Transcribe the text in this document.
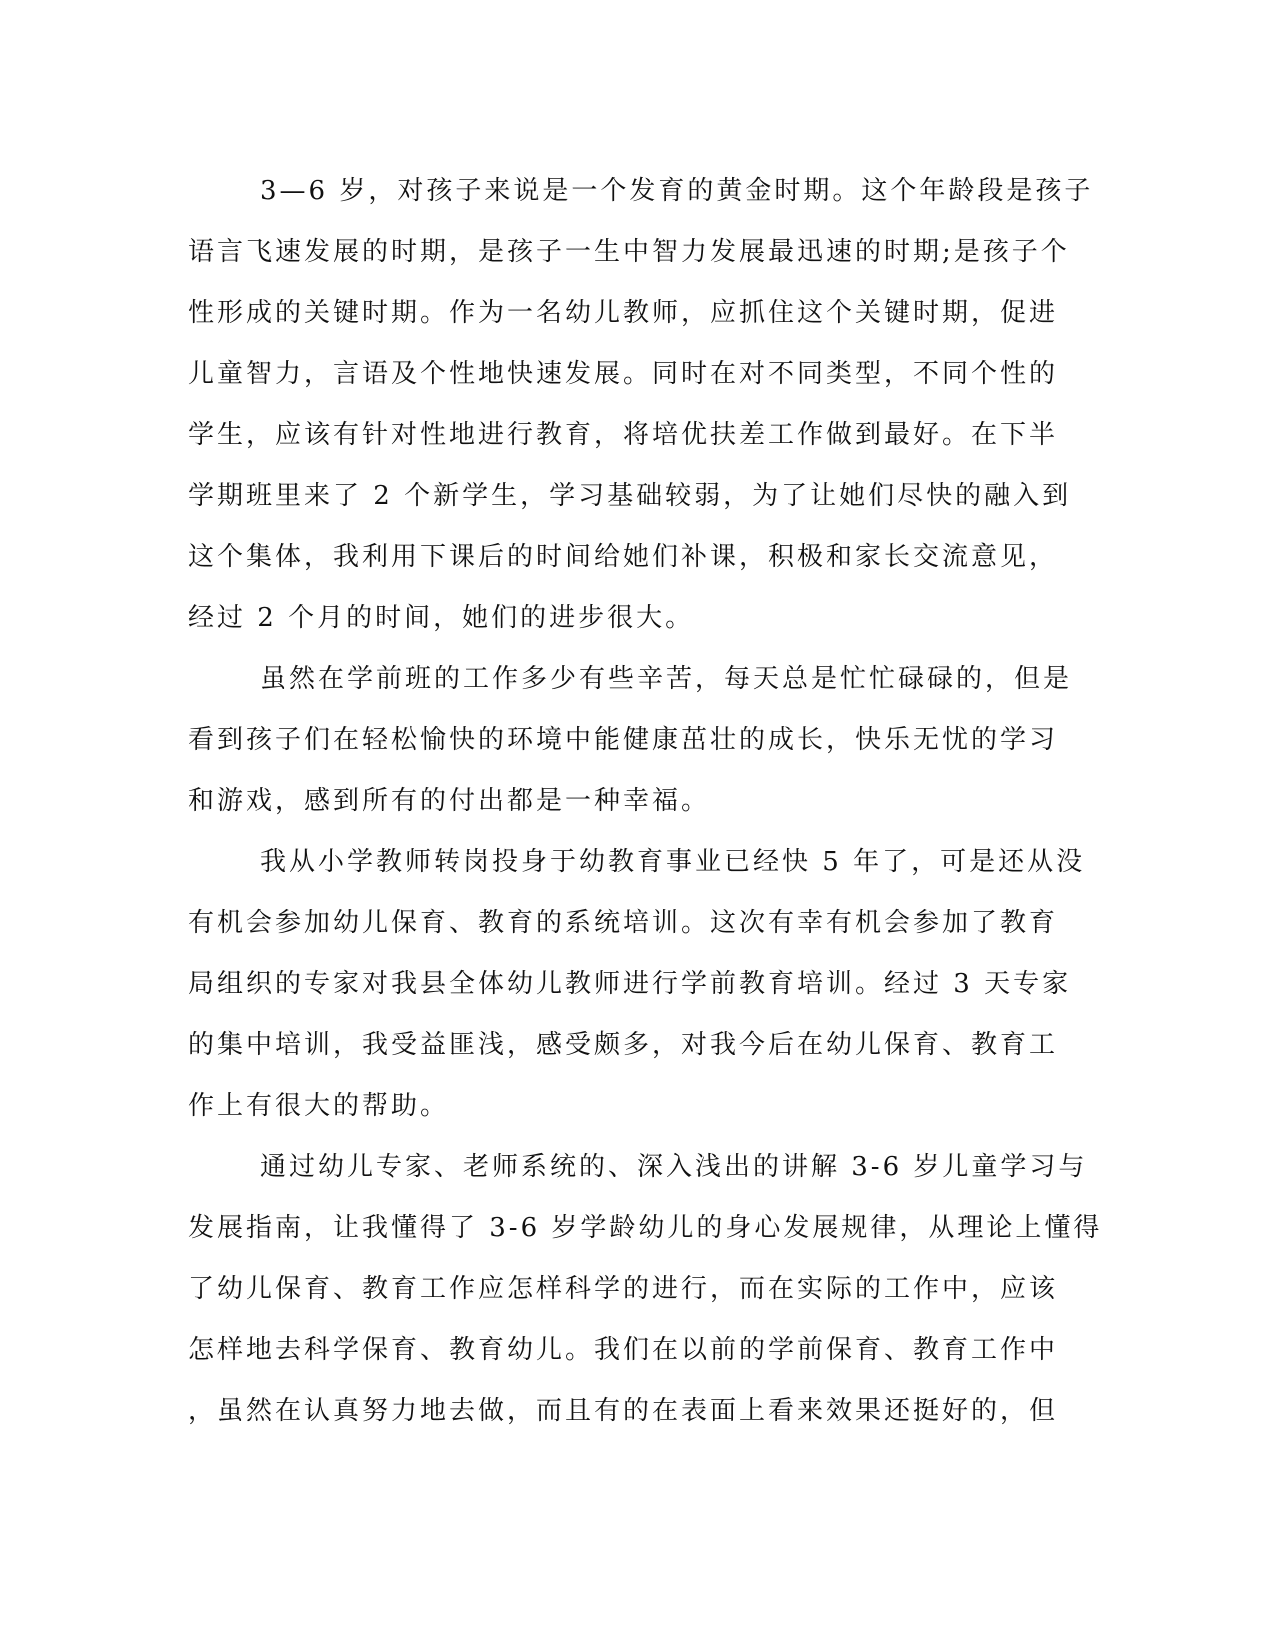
3—6 岁，对孩子来说是一个发育的黄金时期。这个年龄段是孩子
语言飞速发展的时期，是孩子一生中智力发展最迅速的时期;是孩子个
性形成的关键时期。作为一名幼儿教师，应抓住这个关键时期，促进
儿童智力，言语及个性地快速发展。同时在对不同类型，不同个性的
学生，应该有针对性地进行教育，将培优扶差工作做到最好。在下半
学期班里来了 2 个新学生，学习基础较弱，为了让她们尽快的融入到
这个集体，我利用下课后的时间给她们补课，积极和家长交流意见，
经过 2 个月的时间，她们的进步很大。
虽然在学前班的工作多少有些辛苦，每天总是忙忙碌碌的，但是
看到孩子们在轻松愉快的环境中能健康茁壮的成长，快乐无忧的学习
和游戏，感到所有的付出都是一种幸福。
我从小学教师转岗投身于幼教育事业已经快 5 年了，可是还从没
有机会参加幼儿保育、教育的系统培训。这次有幸有机会参加了教育
局组织的专家对我县全体幼儿教师进行学前教育培训。经过 3 天专家
的集中培训，我受益匪浅，感受颇多，对我今后在幼儿保育、教育工
作上有很大的帮助。
通过幼儿专家、老师系统的、深入浅出的讲解 3-6 岁儿童学习与
发展指南，让我懂得了 3-6 岁学龄幼儿的身心发展规律，从理论上懂得
了幼儿保育、教育工作应怎样科学的进行，而在实际的工作中，应该
怎样地去科学保育、教育幼儿。我们在以前的学前保育、教育工作中
，虽然在认真努力地去做，而且有的在表面上看来效果还挺好的，但
